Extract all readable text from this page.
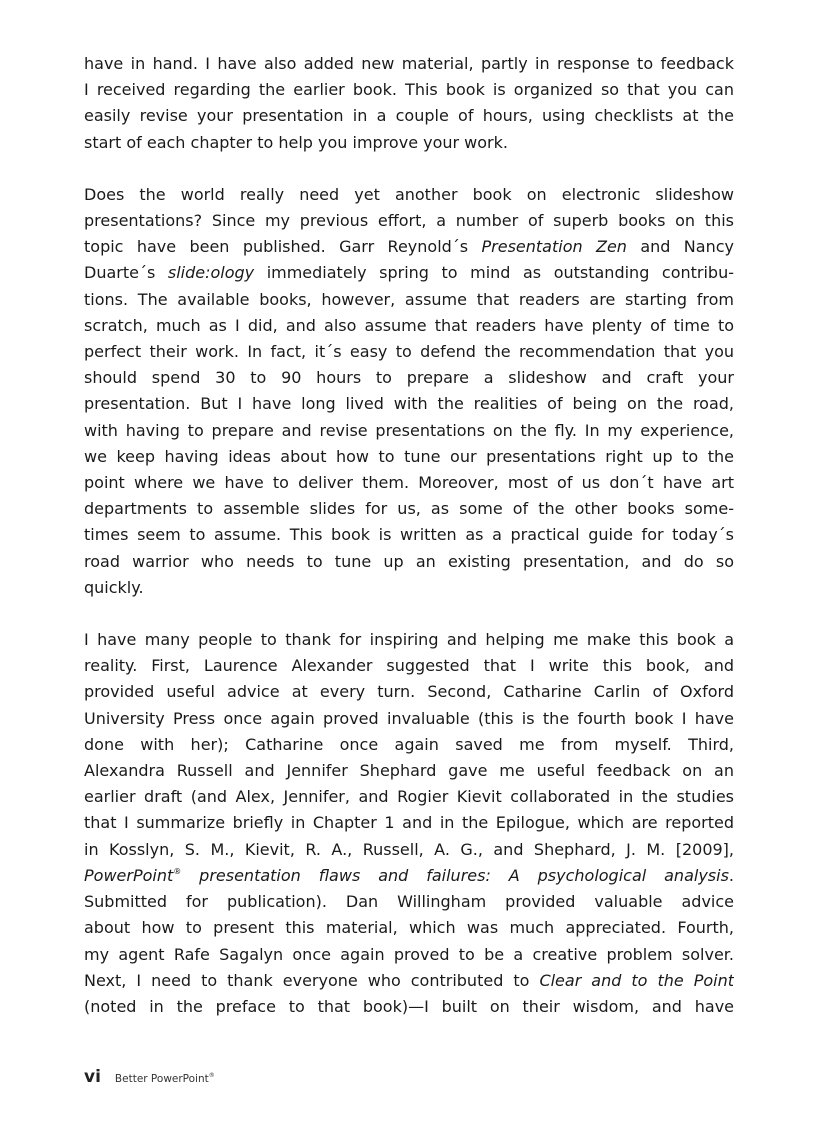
have in hand. I have also added new material, partly in response to feedback
I received regarding the earlier book. This book is organized so that you can
easily revise your presentation in a couple of hours, using checklists at the
start of each chapter to help you improve your work.

Does the world really need yet another book on electronic slideshow
presentations? Since my previous effort, a number of superb books on this
topic have been published. Garr Reynold´s Presentation Zen and Nancy
Duarte´s slide:ology immediately spring to mind as outstanding contribu-
tions. The available books, however, assume that readers are starting from
scratch, much as I did, and also assume that readers have plenty of time to
perfect their work. In fact, it´s easy to defend the recommendation that you
should spend 30 to 90 hours to prepare a slideshow and craft your
presentation. But I have long lived with the realities of being on the road,
with having to prepare and revise presentations on the fly. In my experience,
we keep having ideas about how to tune our presentations right up to the
point where we have to deliver them. Moreover, most of us don´t have art
departments to assemble slides for us, as some of the other books some-
times seem to assume. This book is written as a practical guide for today´s
road warrior who needs to tune up an existing presentation, and do so
quickly.

I have many people to thank for inspiring and helping me make this book a
reality. First, Laurence Alexander suggested that I write this book, and
provided useful advice at every turn. Second, Catharine Carlin of Oxford
University Press once again proved invaluable (this is the fourth book I have
done with her); Catharine once again saved me from myself. Third,
Alexandra Russell and Jennifer Shephard gave me useful feedback on an
earlier draft (and Alex, Jennifer, and Rogier Kievit collaborated in the studies
that I summarize briefly in Chapter 1 and in the Epilogue, which are reported
in Kosslyn, S. M., Kievit, R. A., Russell, A. G., and Shephard, J. M. [2009],
PowerPoint® presentation flaws and failures: A psychological analysis.
Submitted for publication). Dan Willingham provided valuable advice
about how to present this material, which was much appreciated. Fourth,
my agent Rafe Sagalyn once again proved to be a creative problem solver.
Next, I need to thank everyone who contributed to Clear and to the Point
(noted in the preface to that book)—I built on their wisdom, and have

vi Better PowerPoint®
